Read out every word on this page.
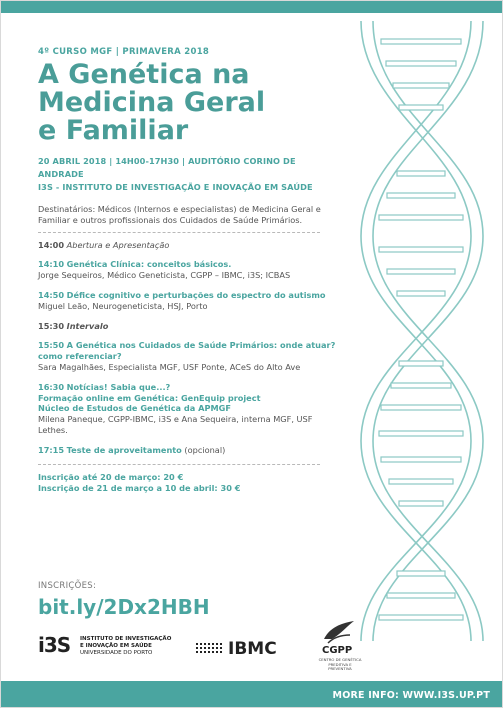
4º CURSO MGF | PRIMAVERA 2018
A Genética na
Medicina Geral
e Familiar
20 ABRIL 2018 | 14H00-17H30 | AUDITÓRIO CORINO DE ANDRADE
I3S - INSTITUTO DE INVESTIGAÇÃO E INOVAÇÃO EM SAÚDE
Destinatários: Médicos (Internos e especialistas) de Medicina Geral e Familiar e outros profissionais dos Cuidados de Saúde Primários.
14:00 Abertura e Apresentação
14:10 Genética Clínica: conceitos básicos.
Jorge Sequeiros, Médico Geneticista, CGPP – IBMC, i3S; ICBAS
14:50 Défice cognitivo e perturbações do espectro do autismo
Miguel Leão, Neurogeneticista, HSJ, Porto
15:30 Intervalo
15:50 A Genética nos Cuidados de Saúde Primários: onde atuar? como referenciar?
Sara Magalhães, Especialista MGF, USF Ponte, ACeS do Alto Ave
16:30 Notícias! Sabia que...?
Formação online em Genética: GenEquip project
Núcleo de Estudos de Genética da APMGF
Milena Paneque, CGPP-IBMC, i3S e Ana Sequeira, interna MGF, USF Lethes.
17:15 Teste de aproveitamento (opcional)
Inscrição até 20 de março: 20 €
Inscrição de 21 de março a 10 de abril: 30 €
INSCRIÇÕES:
bit.ly/2Dx2HBH
i3S INSTITUTO DE INVESTIGAÇÃO
E INOVAÇÃO EM SAÚDE
UNIVERSIDADE DO PORTO	IBMC	CGPP
CENTRO DE GENÉTICA
PREDITIVA E PREVENTIVA
MORE INFO: WWW.I3S.UP.PT
